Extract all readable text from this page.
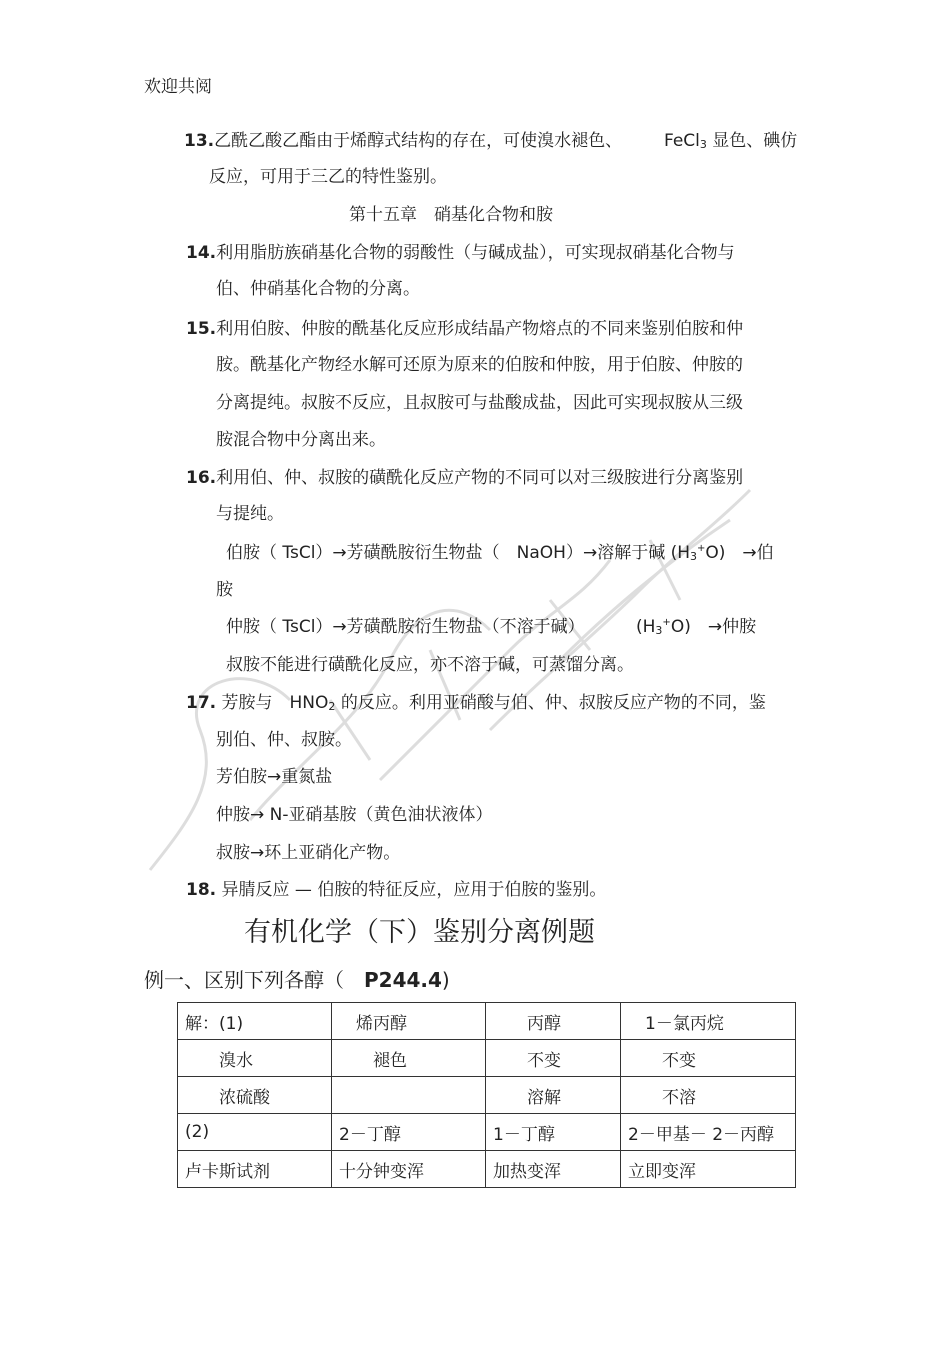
欢迎共阅
13.乙酰乙酸乙酯由于烯醇式结构的存在，可使溴水褪色、 FeCl$_3$ 显色、碘仿
反应，可用于三乙的特性鉴别。
第十五章　硝基化合物和胺
14.利用脂肪族硝基化合物的弱酸性（与碱成盐），可实现叔硝基化合物与
伯、仲硝基化合物的分离。
15.利用伯胺、仲胺的酰基化反应形成结晶产物熔点的不同来鉴别伯胺和仲
胺。酰基化产物经水解可还原为原来的伯胺和仲胺，用于伯胺、仲胺的
分离提纯。叔胺不反应，且叔胺可与盐酸成盐，因此可实现叔胺从三级
胺混合物中分离出来。
16.利用伯、仲、叔胺的磺酰化反应产物的不同可以对三级胺进行分离鉴别
与提纯。
伯胺（ TsCl）→芳磺酰胺衍生物盐（　NaOH）→溶解于碱 $(H_3^+O)$　→伯
胺
仲胺（ TsCl）→芳磺酰胺衍生物盐（不溶于碱）	$(H_3^+O)$　→仲胺
叔胺不能进行磺酰化反应，亦不溶于碱，可蒸馏分离。
17. 芳胺与　$HNO_2$ 的反应。利用亚硝酸与伯、仲、叔胺反应产物的不同，鉴
别伯、仲、叔胺。
芳伯胺→重氮盐
仲胺→ N-亚硝基胺（黄色油状液体）
叔胺→环上亚硝化产物。
18. 异腈反应 — 伯胺的特征反应，应用于伯胺的鉴别。
有机化学（下）鉴别分离例题
例一、区别下列各醇（　P244.4)
解：(1)	　烯丙醇	　　丙醇	　1－氯丙烷
　　溴水	　　褪色	　　不变	　　不变
　　浓硫酸		　　溶解	　　不溶
(2)	2－丁醇	1－丁醇	2－甲基－ 2－丙醇
卢卡斯试剂	十分钟变浑	加热变浑	立即变浑
